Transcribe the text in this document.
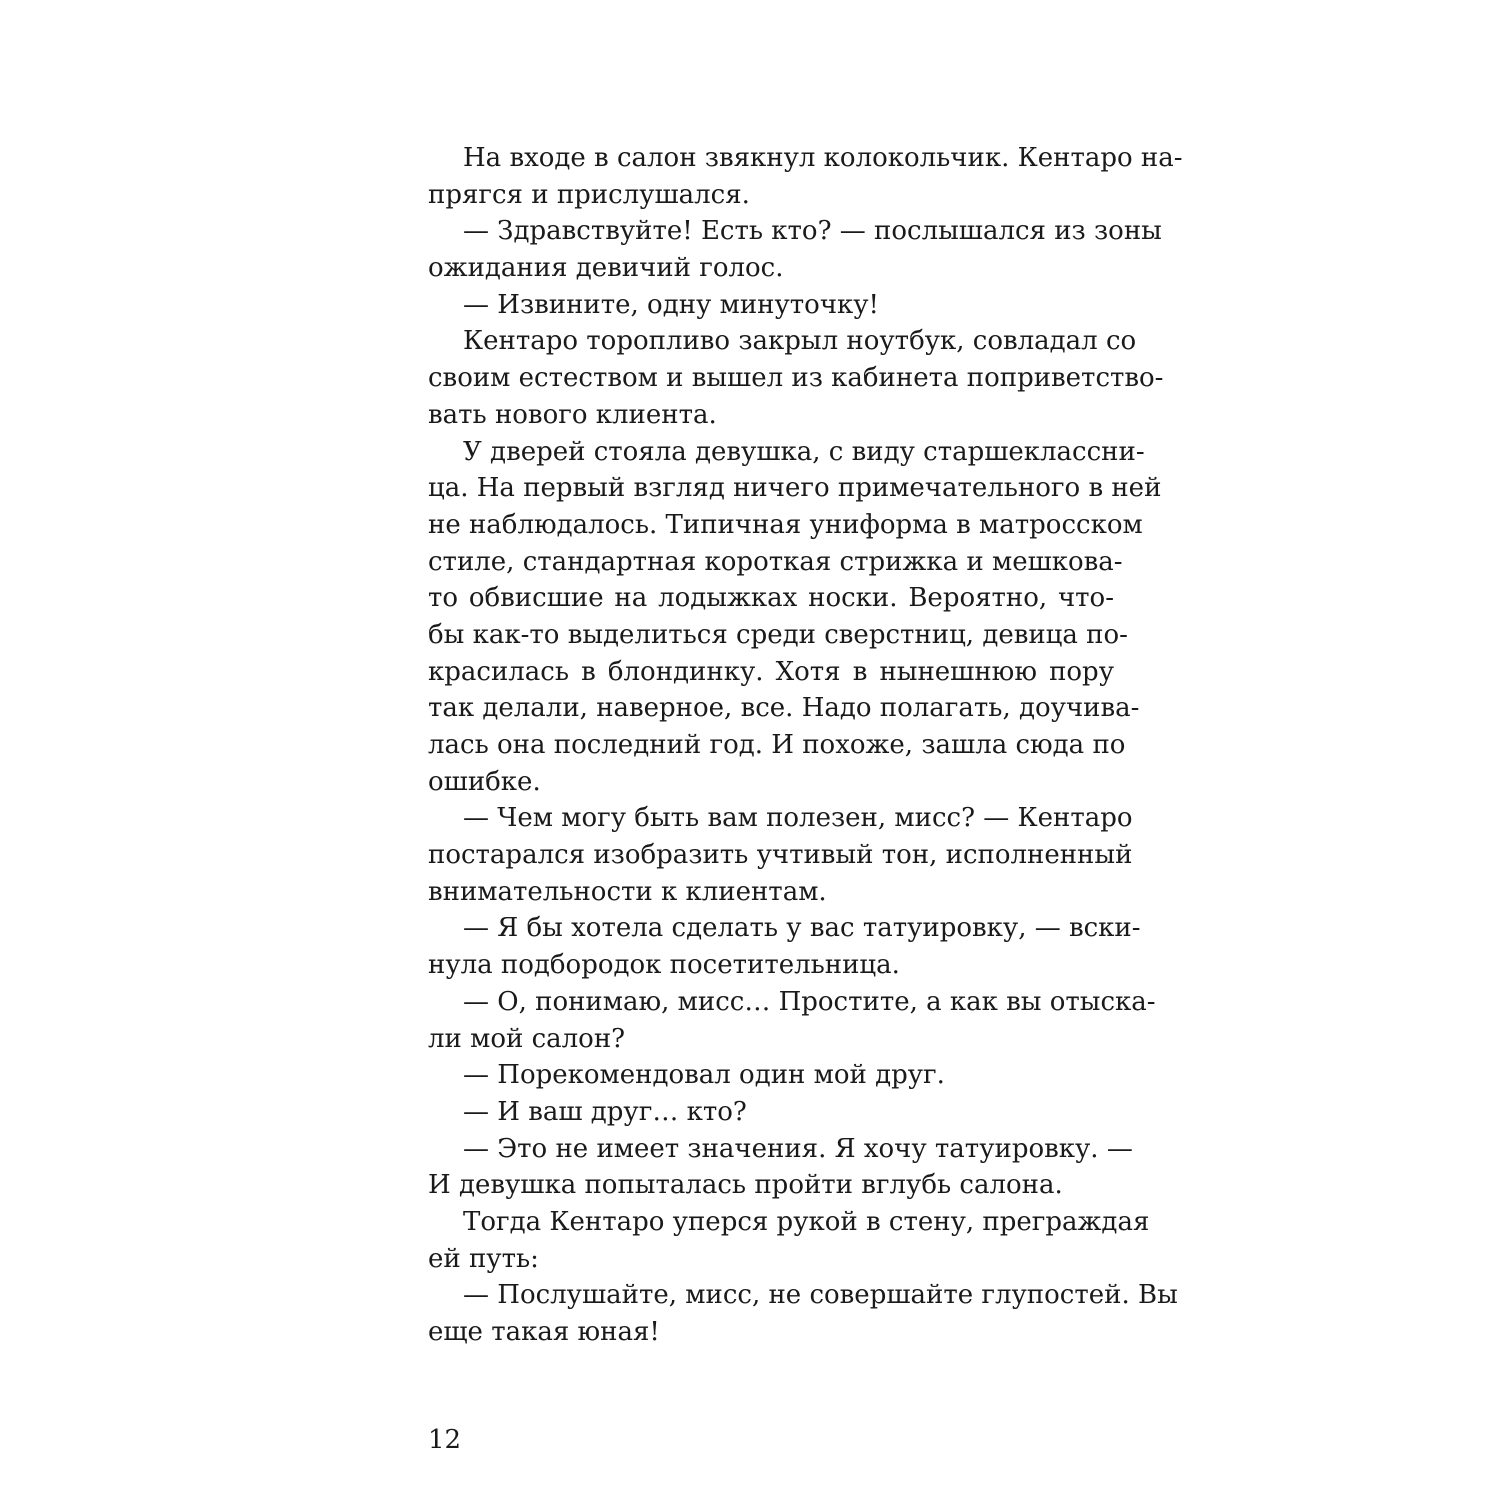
На входе в салон звякнул колокольчик. Кентаро на-
прягся и прислушался.
— Здравствуйте! Есть кто? — послышался из зоны
ожидания девичий голос.
— Извините, одну минуточку!
Кентаро торопливо закрыл ноутбук, совладал со
своим естеством и вышел из кабинета поприветство-
вать нового клиента.
У дверей стояла девушка, с виду старшеклассни-
ца. На первый взгляд ничего примечательного в ней
не наблюдалось. Типичная униформа в матросском
стиле, стандартная короткая стрижка и мешкова-
то обвисшие на лодыжках носки. Вероятно, что-
бы как-то выделиться среди сверстниц, девица по-
красилась в блондинку. Хотя в нынешнюю пору
так делали, наверное, все. Надо полагать, доучива-
лась она последний год. И похоже, зашла сюда по
ошибке.
— Чем могу быть вам полезен, мисс? — Кентаро
постарался изобразить учтивый тон, исполненный
внимательности к клиентам.
— Я бы хотела сделать у вас татуировку, — вски-
нула подбородок посетительница.
— О, понимаю, мисс… Простите, а как вы отыска-
ли мой салон?
— Порекомендовал один мой друг.
— И ваш друг… кто?
— Это не имеет значения. Я хочу татуировку. —
И девушка попыталась пройти вглубь салона.
Тогда Кентаро уперся рукой в стену, преграждая
ей путь:
— Послушайте, мисс, не совершайте глупостей. Вы
еще такая юная!
12
